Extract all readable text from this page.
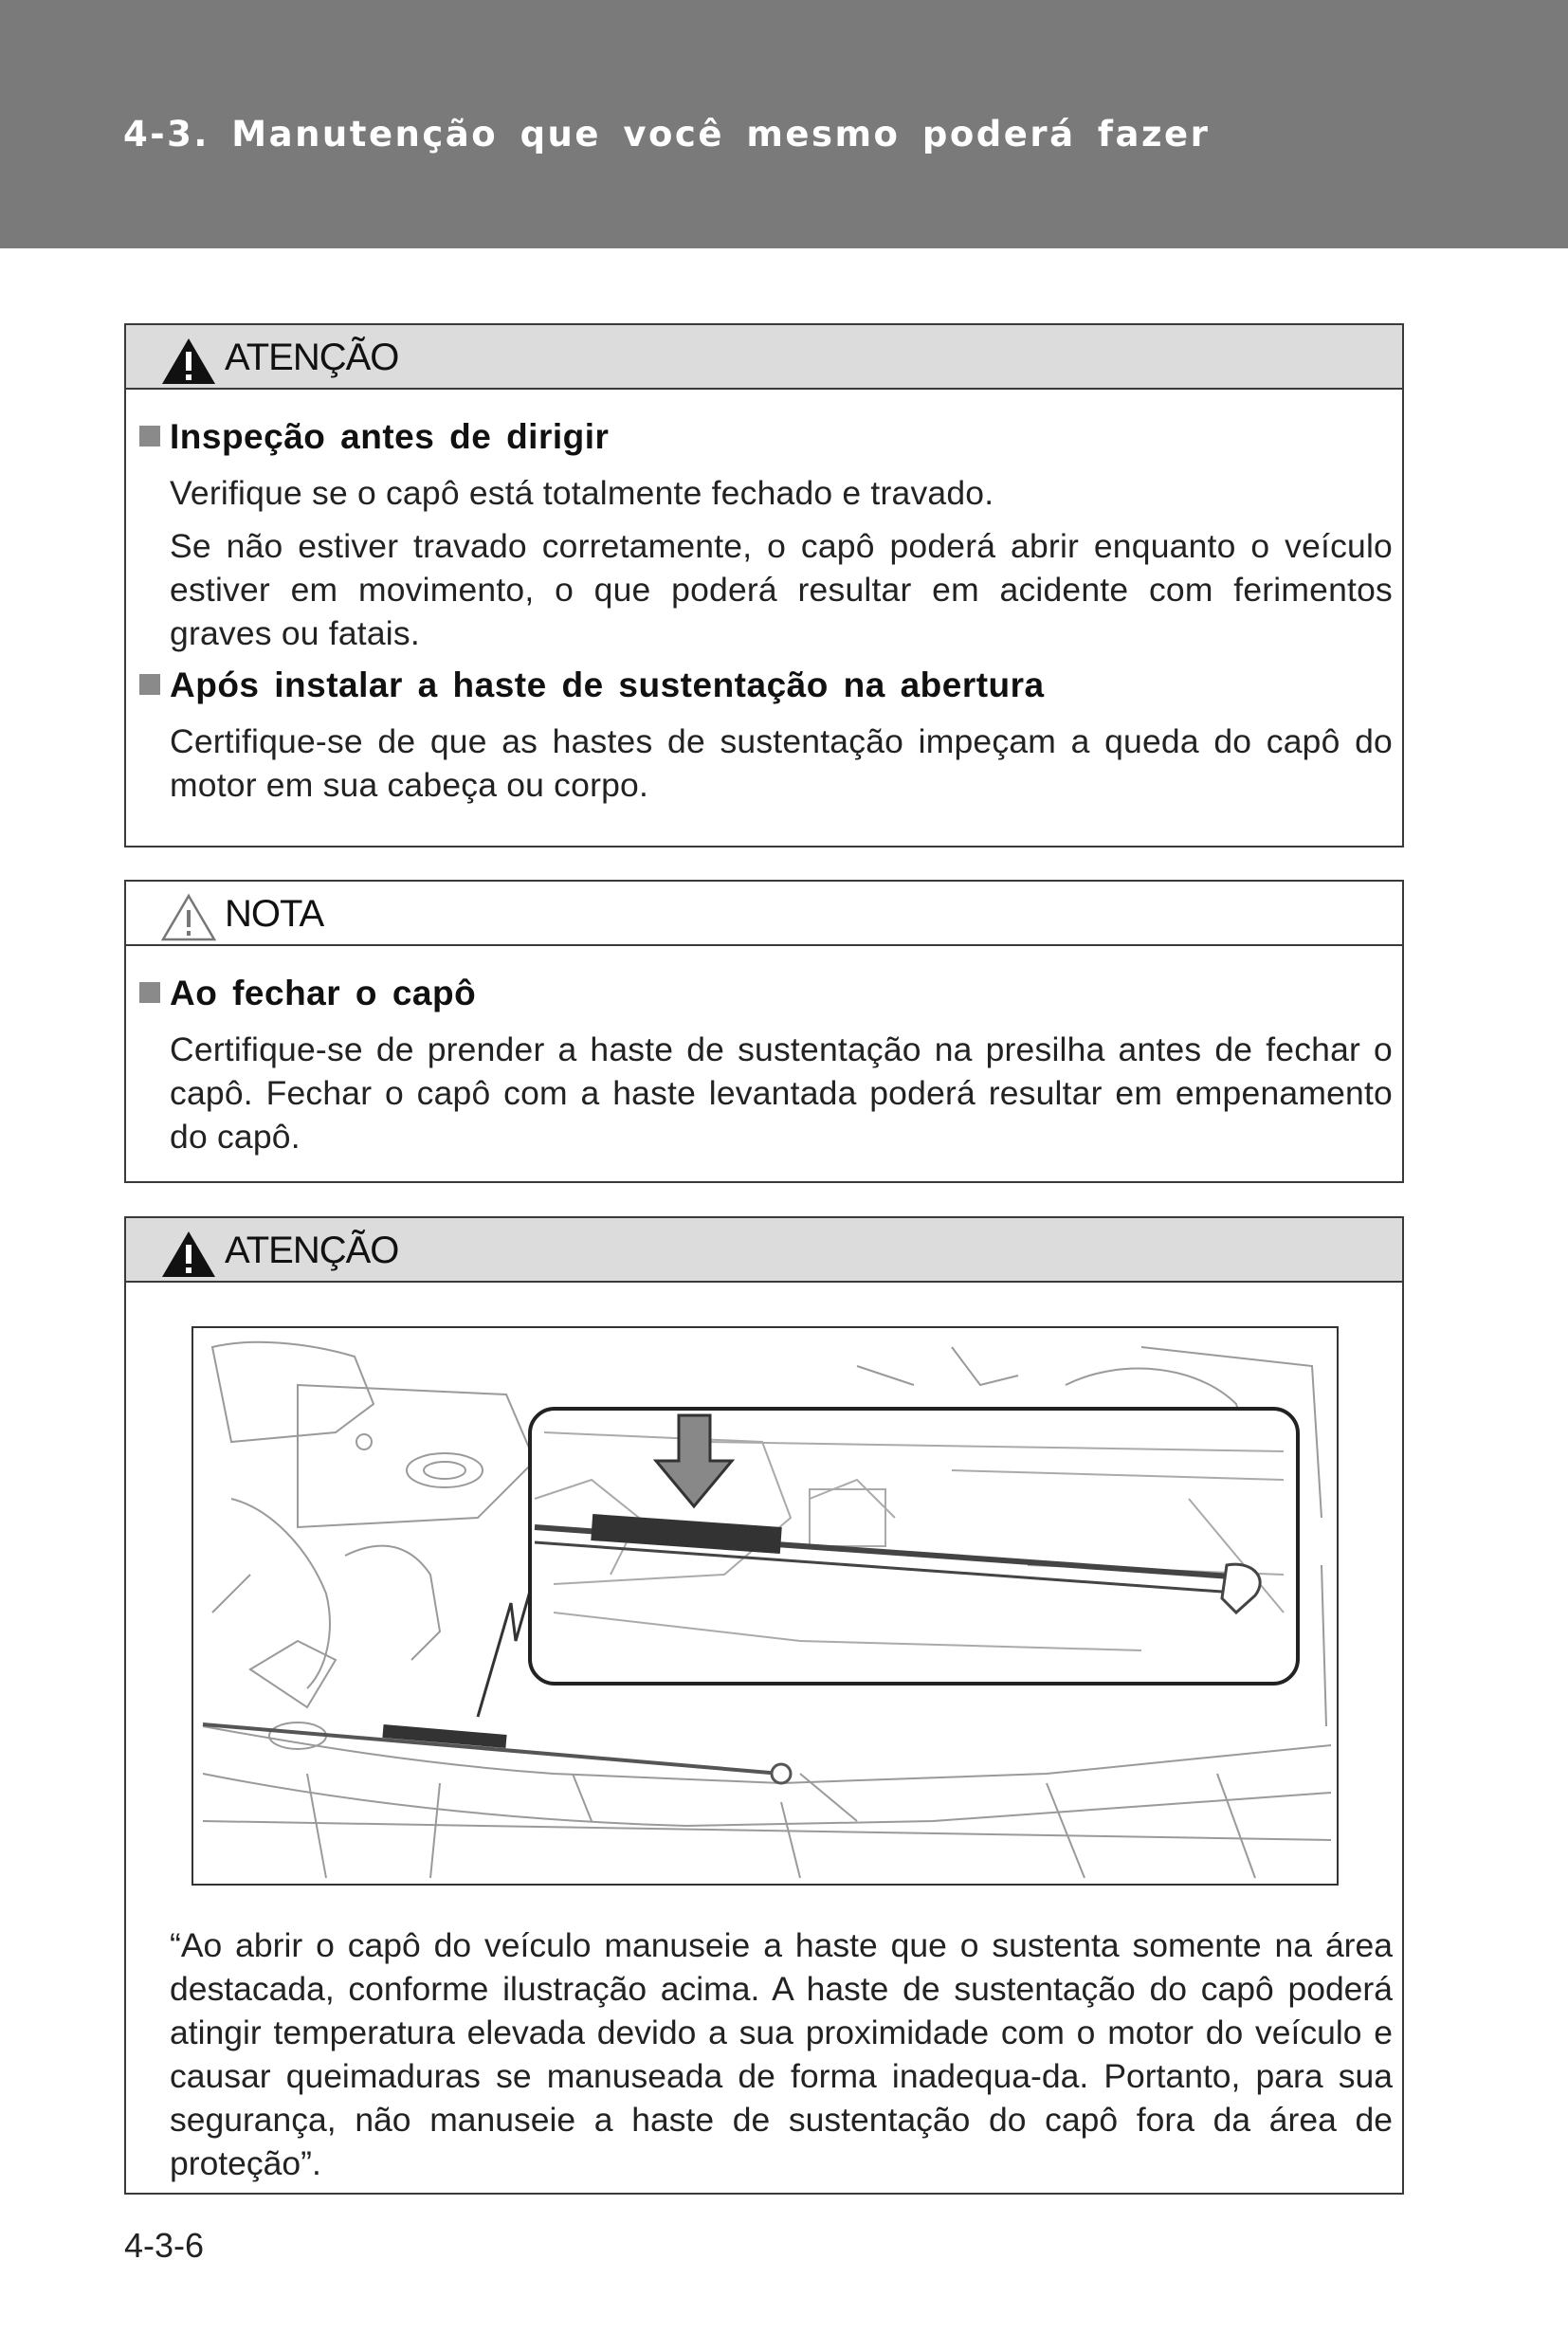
4-3. Manutenção que você mesmo poderá fazer
ATENÇÃO
Inspeção antes de dirigir

Verifique se o capô está totalmente fechado e travado.

Se não estiver travado corretamente, o capô poderá abrir enquanto o veículo estiver em movimento, o que poderá resultar em acidente com ferimentos graves ou fatais.

Após instalar a haste de sustentação na abertura

Certifique-se de que as hastes de sustentação impeçam a queda do capô do motor em sua cabeça ou corpo.

NOTA
Ao fechar o capô

Certifique-se de prender a haste de sustentação na presilha antes de fechar o capô. Fechar o capô com a haste levantada poderá resultar em empenamento do capô.

ATENÇÃO

“Ao abrir o capô do veículo manuseie a haste que o sustenta somente na área destacada, conforme ilustração acima. A haste de sustentação do capô poderá atingir temperatura elevada devido a sua proximidade com o motor do veículo e causar queimaduras se manuseada de forma inadequa-da. Portanto, para sua segurança, não manuseie a haste de sustentação do capô fora da área de proteção”.

4-3-6
